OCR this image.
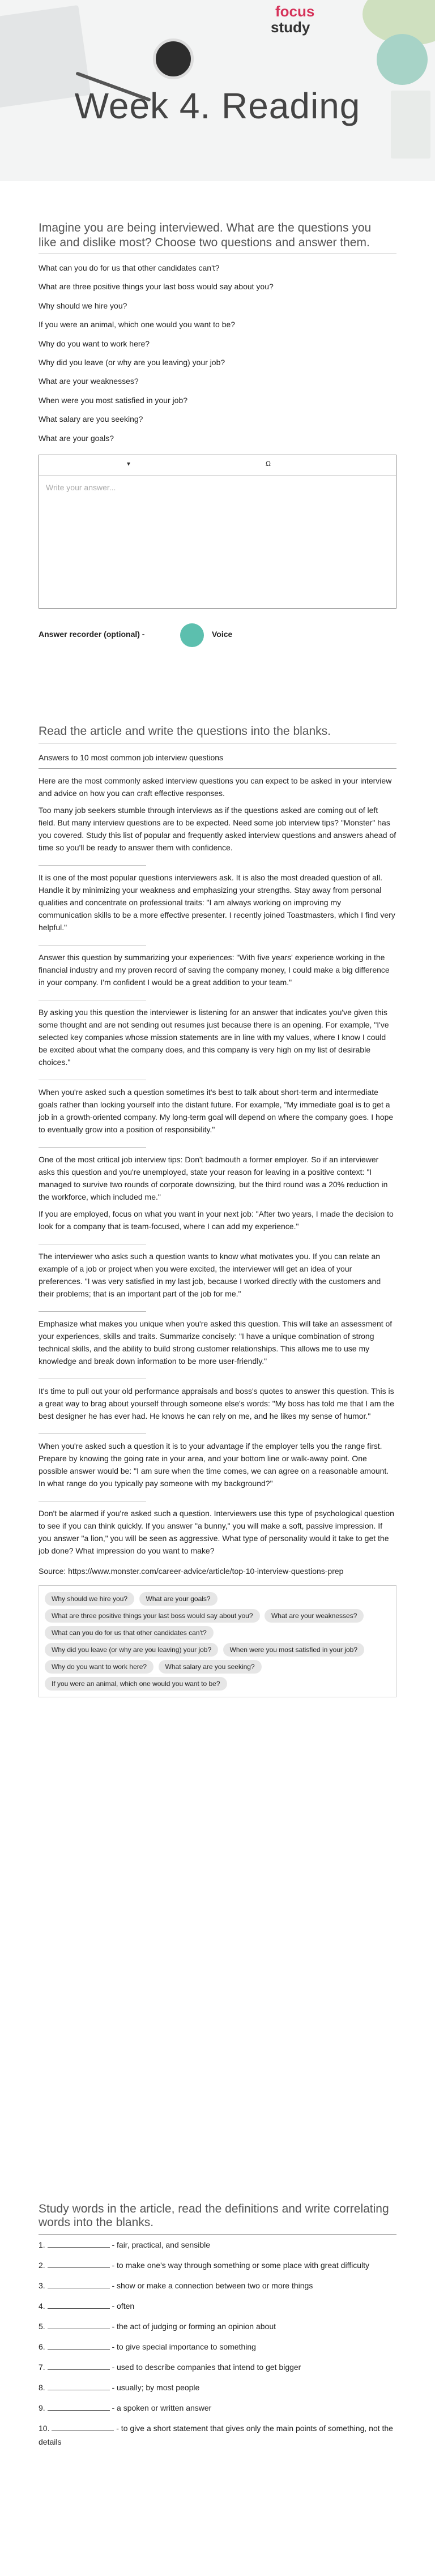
focus
study
Week 4. Reading
Imagine you are being interviewed. What are the questions you like and dislike most? Choose two questions and answer them.
What can you do for us that other candidates can't?
What are three positive things your last boss would say about you?
Why should we hire you?
If you were an animal, which one would you want to be?
Why do you want to work here?
Why did you leave (or why are you leaving) your job?
What are your weaknesses?
When were you most satisfied in your job?
What salary are you seeking?
What are your goals?
▾	Ω
Write your answer...
Answer recorder (optional) -	Voice
Read the article and write the questions into the blanks.

Answers to 10 most common job interview questions

Here are the most commonly asked interview questions you can expect to be asked in your interview and advice on how you can craft effective responses.

Too many job seekers stumble through interviews as if the questions asked are coming out of left field. But many interview questions are to be expected. Need some job interview tips? "Monster" has you covered. Study this list of popular and frequently asked interview questions and answers ahead of time so you'll be ready to answer them with confidence.

It is one of the most popular questions interviewers ask. It is also the most dreaded question of all. Handle it by minimizing your weakness and emphasizing your strengths. Stay away from personal qualities and concentrate on professional traits: "I am always working on improving my communication skills to be a more effective presenter. I recently joined Toastmasters, which I find very helpful."

Answer this question by summarizing your experiences: "With five years' experience working in the financial industry and my proven record of saving the company money, I could make a big difference in your company. I'm confident I would be a great addition to your team."

By asking you this question the interviewer is listening for an answer that indicates you've given this some thought and are not sending out resumes just because there is an opening. For example, "I've selected key companies whose mission statements are in line with my values, where I know I could be excited about what the company does, and this company is very high on my list of desirable choices."

When you're asked such a question sometimes it's best to talk about short-term and intermediate goals rather than locking yourself into the distant future. For example, "My immediate goal is to get a job in a growth-oriented company. My long-term goal will depend on where the company goes. I hope to eventually grow into a position of responsibility."

One of the most critical job interview tips: Don't badmouth a former employer. So if an interviewer asks this question and you're unemployed, state your reason for leaving in a positive context: "I managed to survive two rounds of corporate downsizing, but the third round was a 20% reduction in the workforce, which included me."

If you are employed, focus on what you want in your next job: "After two years, I made the decision to look for a company that is team-focused, where I can add my experience."

The interviewer who asks such a question wants to know what motivates you. If you can relate an example of a job or project when you were excited, the interviewer will get an idea of your preferences. "I was very satisfied in my last job, because I worked directly with the customers and their problems; that is an important part of the job for me."

Emphasize what makes you unique when you're asked this question. This will take an assessment of your experiences, skills and traits. Summarize concisely: "I have a unique combination of strong technical skills, and the ability to build strong customer relationships. This allows me to use my knowledge and break down information to be more user-friendly."

It's time to pull out your old performance appraisals and boss's quotes to answer this question. This is a great way to brag about yourself through someone else's words: "My boss has told me that I am the best designer he has ever had. He knows he can rely on me, and he likes my sense of humor."

When you're asked such a question it is to your advantage if the employer tells you the range first. Prepare by knowing the going rate in your area, and your bottom line or walk-away point. One possible answer would be: "I am sure when the time comes, we can agree on a reasonable amount. In what range do you typically pay someone with my background?"

Don't be alarmed if you're asked such a question. Interviewers use this type of psychological question to see if you can think quickly. If you answer "a bunny," you will make a soft, passive impression. If you answer "a lion," you will be seen as aggressive. What type of personality would it take to get the job done? What impression do you want to make?

Source: https://www.monster.com/career-advice/article/top-10-interview-questions-prep

Why should we hire you?	What are your goals? What are three positive things your last boss would say about you?	What are your weaknesses? What can you do for us that other candidates can't? Why did you leave (or why are you leaving) your job?	When were you most satisfied in your job? Why do you want to work here?	What salary are you seeking? If you were an animal, which one would you want to be?
Study words in the article, read the definitions and write correlating words into the blanks.
1.	- fair, practical, and sensible
2.	- to make one's way through something or some place with great difficulty
3.	- show or make a connection between two or more things
4.	- often
5.	- the act of judging or forming an opinion about
6.	- to give special importance to something
7.	- used to describe companies that intend to get bigger
8.	- usually; by most people
9.	- a spoken or written answer
10.	- to give a short statement that gives only the main points of something, not the details
